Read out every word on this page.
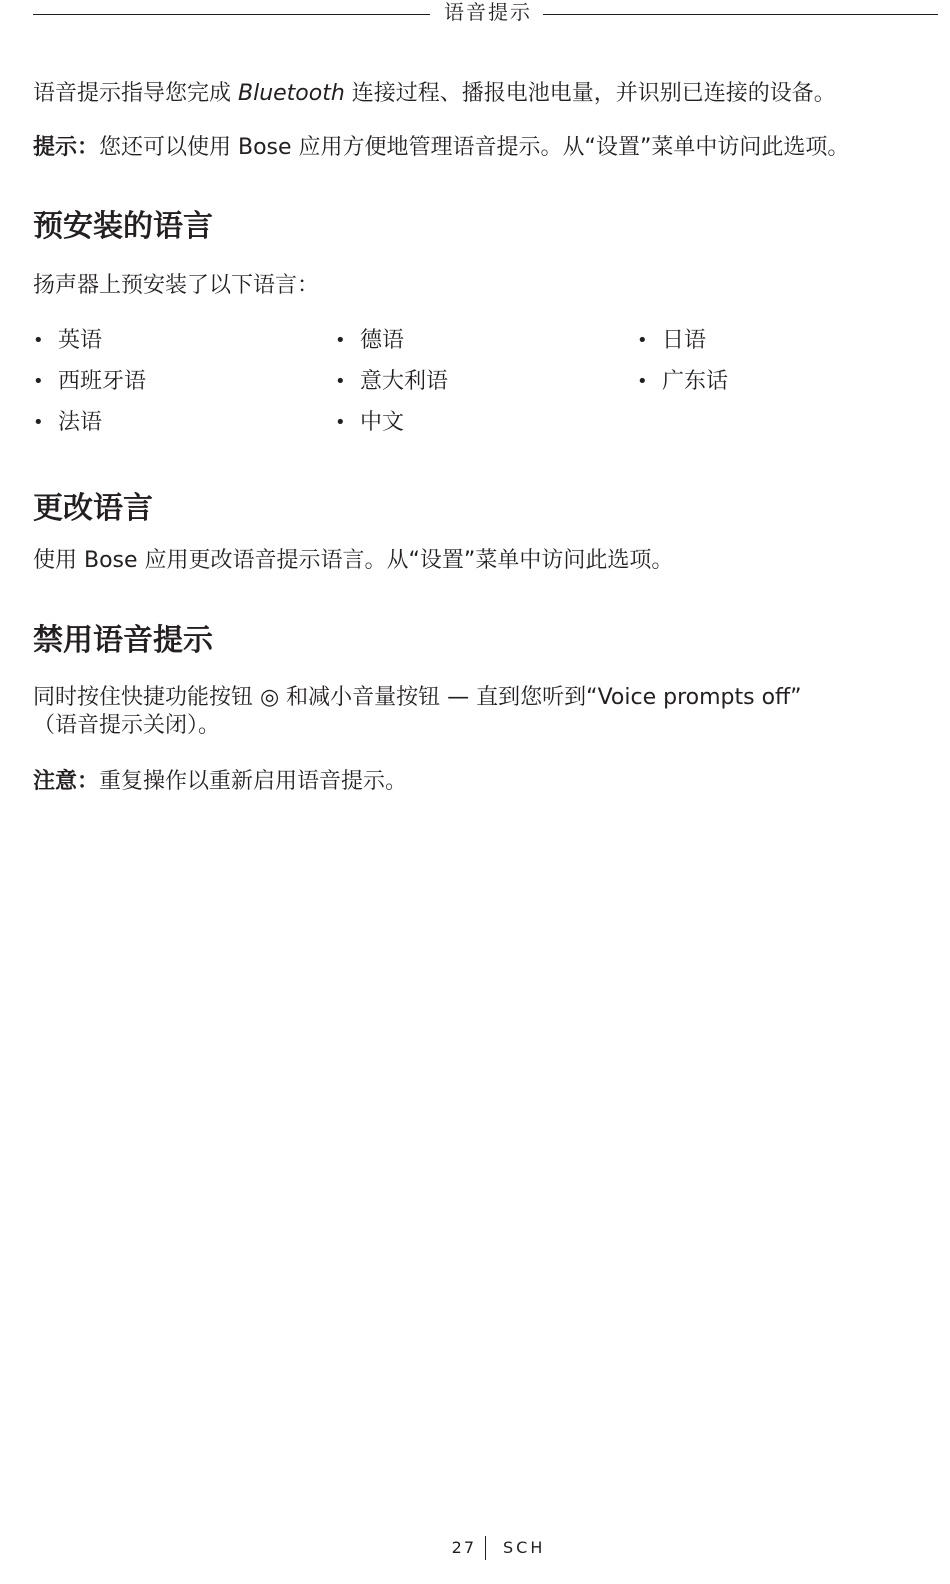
语音提示
语音提示指导您完成 Bluetooth 连接过程、播报电池电量，并识别已连接的设备。
提示：您还可以使用 Bose 应用方便地管理语音提示。从“设置”菜单中访问此选项。
预安装的语言
扬声器上预安装了以下语言：
• 英语
• 西班牙语
• 法语
• 德语
• 意大利语
• 中文
• 日语
• 广东话
更改语言
使用 Bose 应用更改语音提示语言。从“设置”菜单中访问此选项。
禁用语音提示
同时按住快捷功能按钮 ◎ 和减小音量按钮 — 直到您听到“Voice prompts off”
（语音提示关闭）。
注意：重复操作以重新启用语音提示。
27 SCH
